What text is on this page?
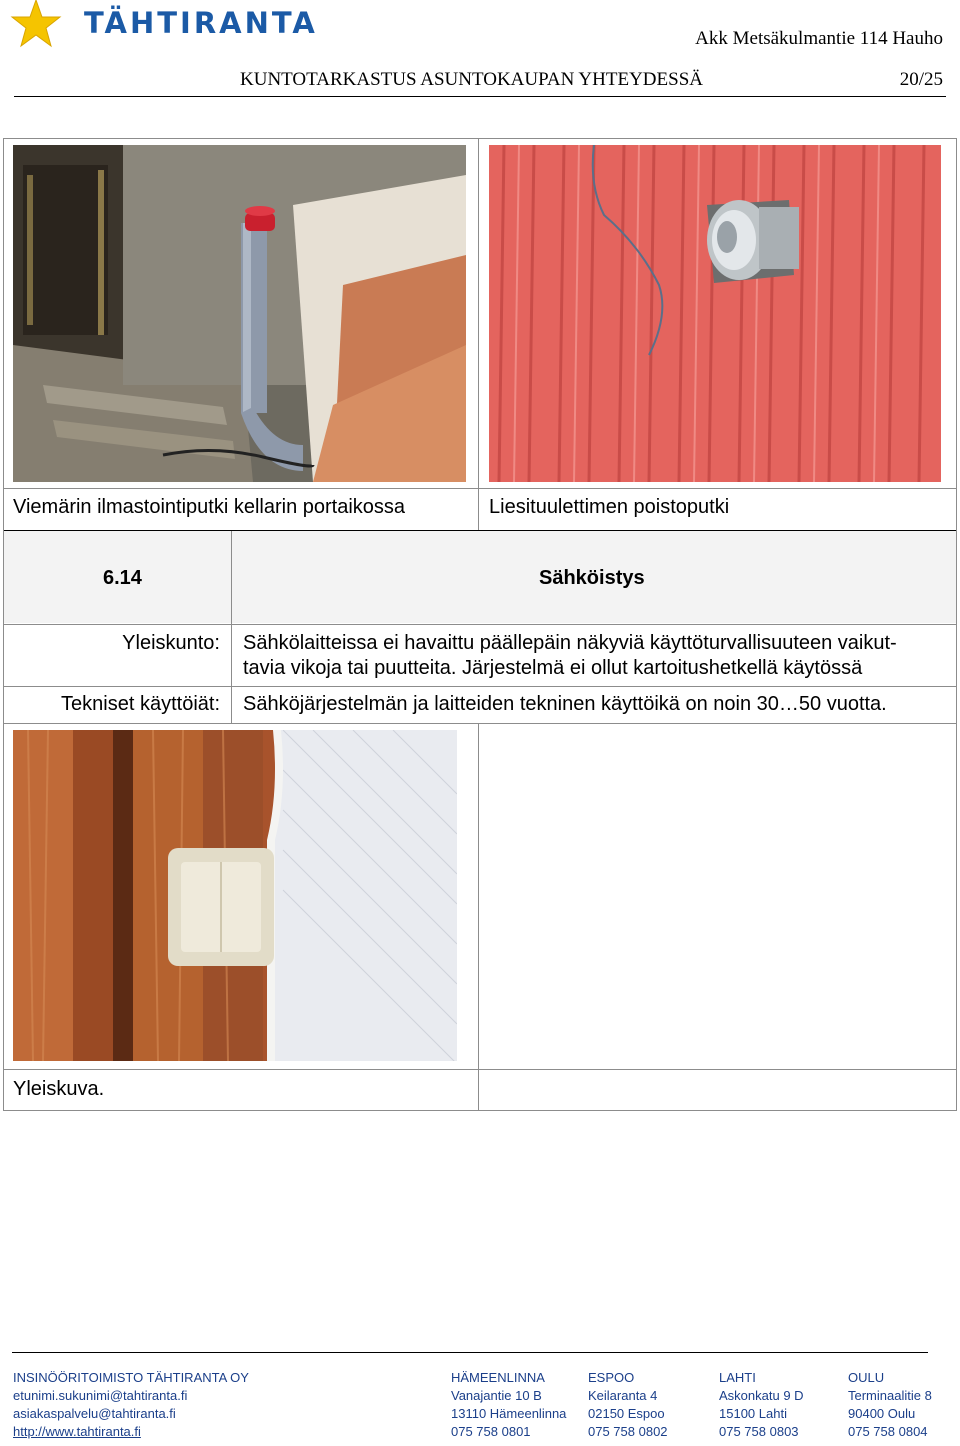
TÄHTIRANTA	Akk Metsäkulmantie 114 Hauho
KUNTOTARKASTUS ASUNTOKAUPAN YHTEYDESSÄ	20/25
Viemärin ilmastointiputki kellarin portaikossa	Liesituulettimen poistoputki
6.14	Sähköistys
Yleiskunto: Sähkölaitteissa ei havaittu päällepäin näkyviä käyttöturvallisuuteen vaikut-
tavia vikoja tai puutteita. Järjestelmä ei ollut kartoitushetkellä käytössä
Tekniset käyttöiät: Sähköjärjestelmän ja laitteiden tekninen käyttöikä on noin 30…50 vuotta.
Yleiskuva.
INSINÖÖRITOIMISTO TÄHTIRANTA OY
etunimi.sukunimi@tahtiranta.fi
asiakaspalvelu@tahtiranta.fi
http://www.tahtiranta.fi
HÄMEENLINNA
Vanajantie 10 B
13110 Hämeenlinna
075 758 0801
ESPOO
Keilaranta 4
02150 Espoo
075 758 0802
LAHTI
Askonkatu 9 D
15100 Lahti
075 758 0803
OULU
Terminaalitie 8
90400 Oulu
075 758 0804
